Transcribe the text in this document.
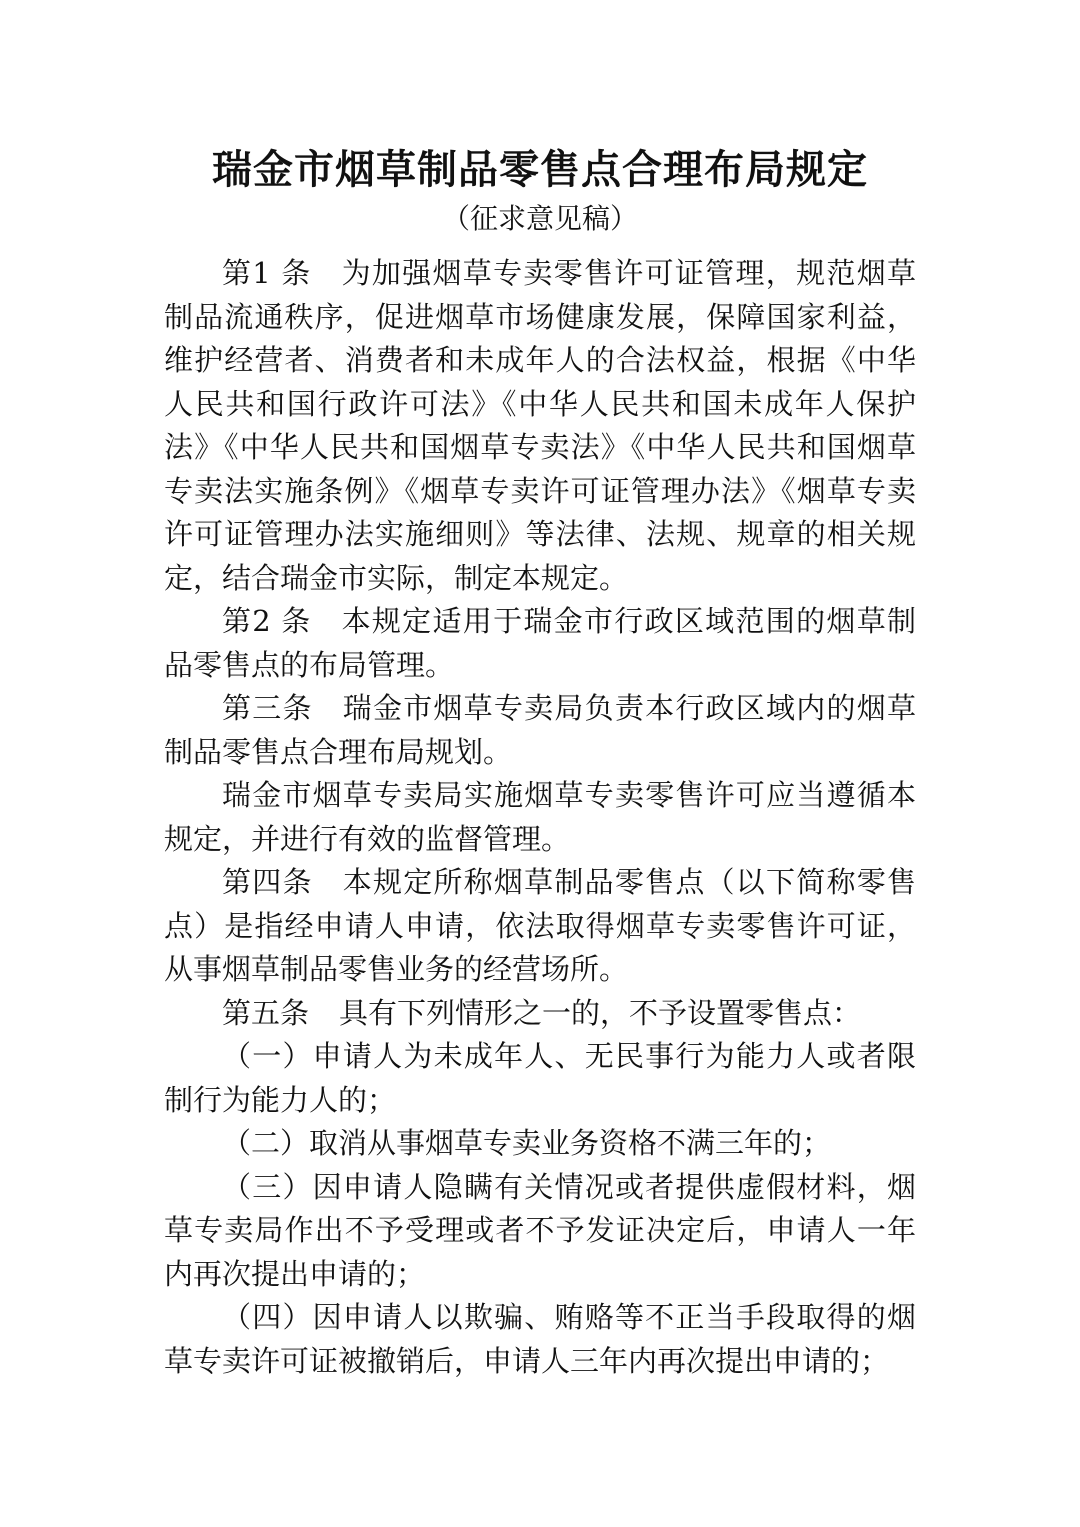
瑞金市烟草制品零售点合理布局规定
（征求意见稿）

第1 条 为加强烟草专卖零售许可证管理，规范烟草制品流通秩序，促进烟草市场健康发展，保障国家利益，维护经营者、消费者和未成年人的合法权益，根据《中华人民共和国行政许可法》《中华人民共和国未成年人保护法》《中华人民共和国烟草专卖法》《中华人民共和国烟草专卖法实施条例》《烟草专卖许可证管理办法》《烟草专卖许可证管理办法实施细则》等法律、法规、规章的相关规定，结合瑞金市实际，制定本规定。

第2 条 本规定适用于瑞金市行政区域范围的烟草制品零售点的布局管理。

第三条 瑞金市烟草专卖局负责本行政区域内的烟草制品零售点合理布局规划。

瑞金市烟草专卖局实施烟草专卖零售许可应当遵循本规定，并进行有效的监督管理。

第四条 本规定所称烟草制品零售点（以下简称零售点）是指经申请人申请，依法取得烟草专卖零售许可证，从事烟草制品零售业务的经营场所。

第五条 具有下列情形之一的，不予设置零售点：

（一）申请人为未成年人、无民事行为能力人或者限制行为能力人的；

（二）取消从事烟草专卖业务资格不满三年的；

（三）因申请人隐瞒有关情况或者提供虚假材料，烟草专卖局作出不予受理或者不予发证决定后，申请人一年内再次提出申请的；

（四）因申请人以欺骗、贿赂等不正当手段取得的烟草专卖许可证被撤销后，申请人三年内再次提出申请的；
